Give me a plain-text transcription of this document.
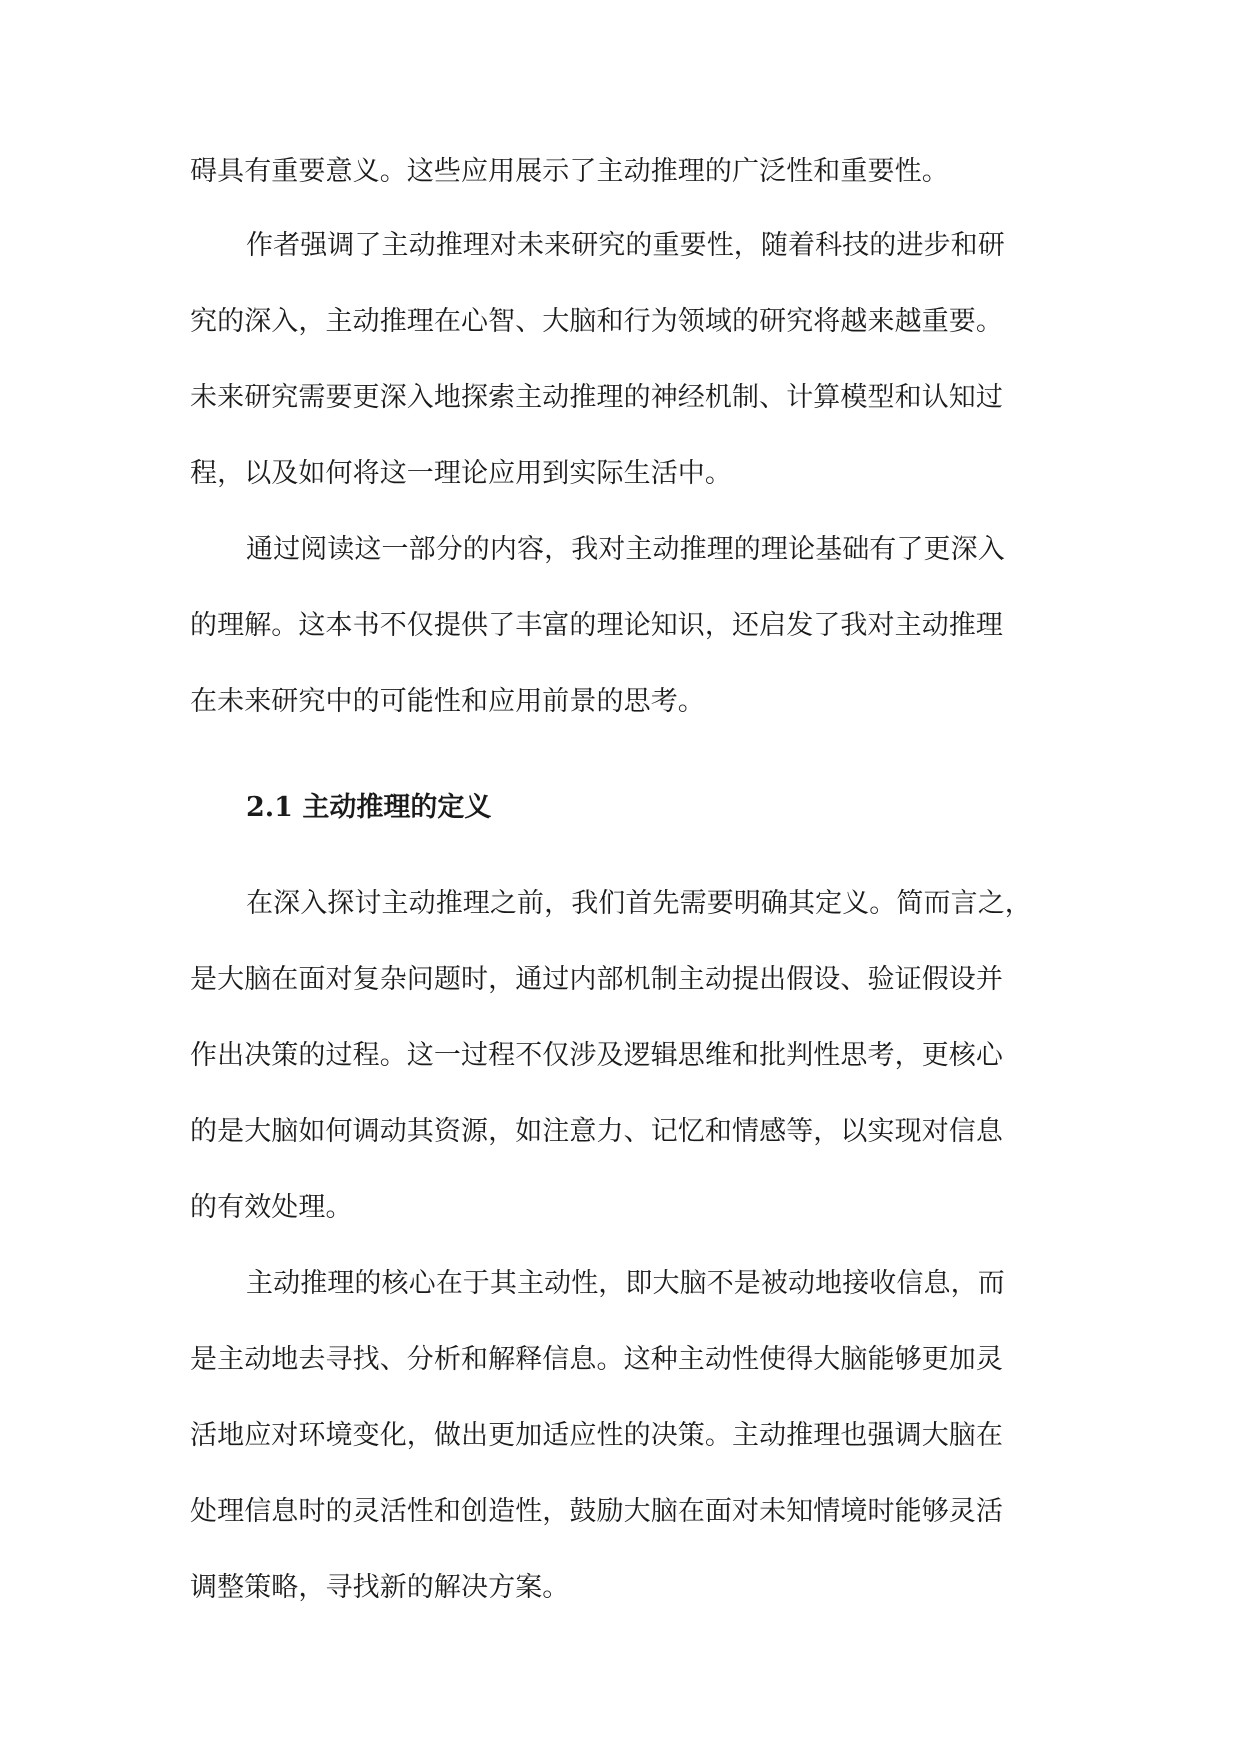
碍具有重要意义。这些应用展示了主动推理的广泛性和重要性。
作者强调了主动推理对未来研究的重要性，随着科技的进步和研
究的深入，主动推理在心智、大脑和行为领域的研究将越来越重要。
未来研究需要更深入地探索主动推理的神经机制、计算模型和认知过
程，以及如何将这一理论应用到实际生活中。
通过阅读这一部分的内容，我对主动推理的理论基础有了更深入
的理解。这本书不仅提供了丰富的理论知识，还启发了我对主动推理
在未来研究中的可能性和应用前景的思考。
在深入探讨主动推理之前，我们首先需要明确其定义。简而言之，
是大脑在面对复杂问题时，通过内部机制主动提出假设、验证假设并
作出决策的过程。这一过程不仅涉及逻辑思维和批判性思考，更核心
的是大脑如何调动其资源，如注意力、记忆和情感等，以实现对信息
的有效处理。
主动推理的核心在于其主动性，即大脑不是被动地接收信息，而
是主动地去寻找、分析和解释信息。这种主动性使得大脑能够更加灵
活地应对环境变化，做出更加适应性的决策。主动推理也强调大脑在
处理信息时的灵活性和创造性，鼓励大脑在面对未知情境时能够灵活
调整策略，寻找新的解决方案。
2.1 主动推理的定义
